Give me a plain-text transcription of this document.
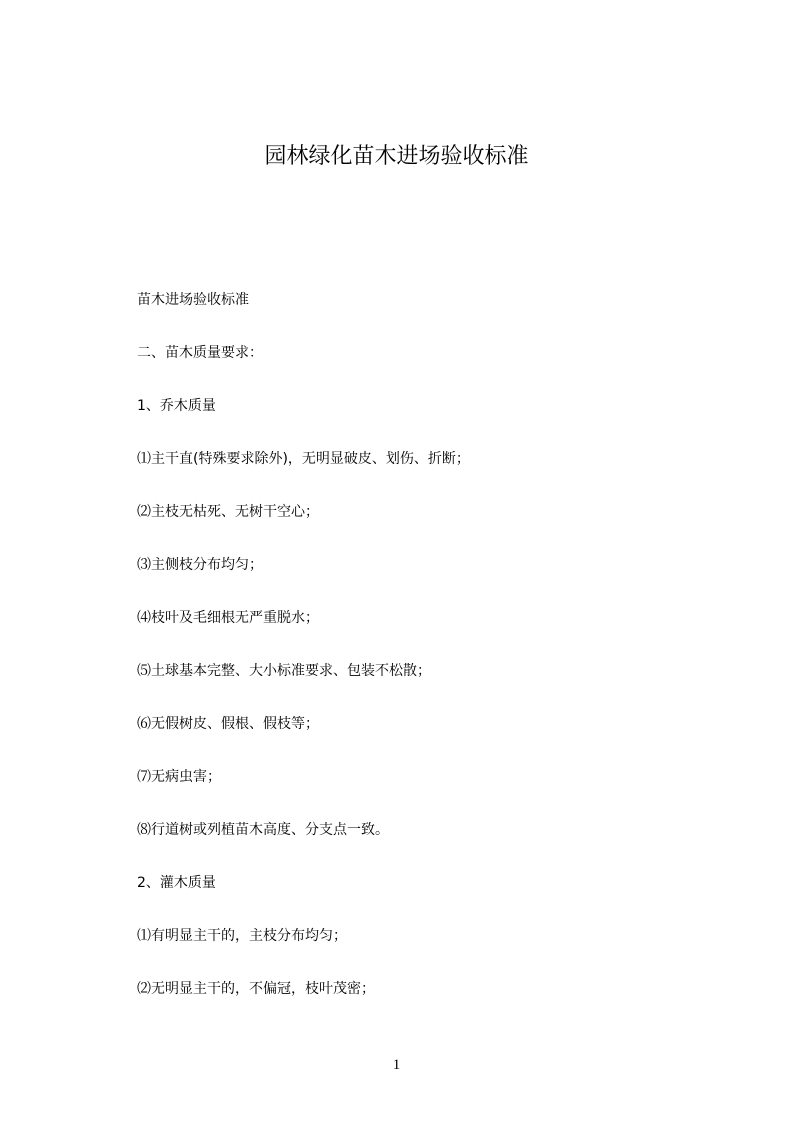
园林绿化苗木进场验收标准

苗木进场验收标准

二、苗木质量要求：

1、乔木质量

⑴主干直(特殊要求除外)，无明显破皮、划伤、折断；

⑵主枝无枯死、无树干空心；

⑶主侧枝分布均匀；

⑷枝叶及毛细根无严重脱水；

⑸土球基本完整、大小标准要求、包装不松散；

⑹无假树皮、假根、假枝等；

⑺无病虫害；

⑻行道树或列植苗木高度、分支点一致。

2、灌木质量

⑴有明显主干的，主枝分布均匀；

⑵无明显主干的，不偏冠，枝叶茂密；

1
